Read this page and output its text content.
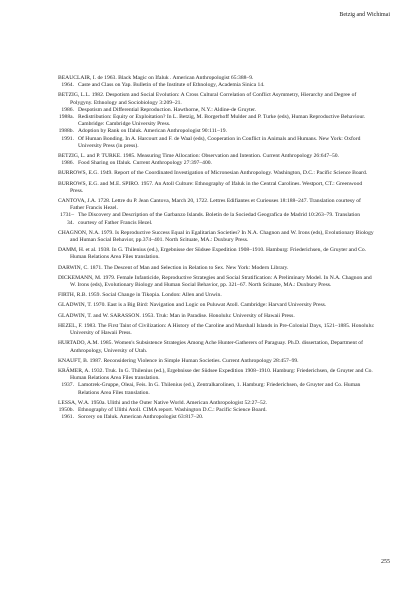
Betzig and Wichimai
BEAUCLAIR, I. de 1963. Black Magic on Ifaluk . American Anthropologist 65:388–9.
1964. Caste and Class on Yap. Bulletin of the Institute of Ethnology, Academia Sinica 14.
BETZIG, L.L. 1982. Despotism and Social Evolution: A Cross Cultural Correlation of Conflict Asymmetry, Hierarchy and Degree of Polygyny. Ethnology and Sociobiology 3:209–21.
1986. Despotism and Differential Reproduction. Hawthorne, N.Y.: Aldine-de Gruyter.
1988a. Redistribution: Equity or Exploitation? In L. Betzig, M. Borgerhoff Mulder and P. Turke (eds), Human Reproductive Behaviour. Cambridge: Cambridge University Press.
1988b. Adoption by Rank on Ifaluk. American Anthropologist 90:111–19.
1991. Of Human Bonding. In A. Harcourt and F. de Waal (eds), Cooperation in Conflict in Animals and Humans. New York: Oxford University Press (in press).
BETZIG, L. and P. TURKE. 1985. Measuring Time Allocation: Observation and Intention. Current Anthropology 26:647–50.
1986. Food Sharing on Ifaluk. Current Anthropology 27:397–400.
BURROWS, E.G. 1949. Report of the Coordinated Investigation of Micronesian Anthropology. Washington, D.C.: Pacific Science Board.
BURROWS, E.G. and M.E. SPIRO. 1957. An Atoll Culture: Ethnography of Ifaluk in the Central Carolines. Westport, CT.: Greenwood Press.
CANTOVA, J.A. 1728. Lettre du P. Jean Cantova, March 20, 1722. Lettres Edifiantes et Curieuses 18:188–247. Translation courtesy of Father Francis Hezel.
1731–34.
The Discovery and Description of the Garbanzo Islands. Boletín de la Sociedad Geografica de Madrid 10:263–79. Translation courtesy of Father Francis Hezel.
CHAGNON, N.A. 1979. Is Reproductive Success Equal in Egalitarian Societies? In N.A. Chagnon and W. Irons (eds), Evolutionary Biology and Human Social Behavior, pp.374–401. North Scituate, MA.: Duxbury Press.
DAMM, H. et al. 1938. In G. Thilenius (ed.), Ergebnisse der Südsee Expedition 1908–1910. Hamburg: Friederichsen, de Gruyter and Co. Human Relations Area Files translation.
DARWIN, C. 1871. The Descent of Man and Selection in Relation to Sex. New York: Modern Library.
DICKEMANN, M. 1979. Female Infanticide, Reproductive Strategies and Social Stratification: A Preliminary Model. In N.A. Chagnon and W. Irons (eds), Evolutionary Biology and Human Social Behavior, pp. 321–67. North Scituate, MA.: Duxbury Press.
FIRTH, R.B. 1959. Social Change in Tikopia. London: Allen and Unwin.
GLADWIN, T. 1970. East is a Big Bird: Navigation and Logic on Puluwat Atoll. Cambridge: Harvard University Press.
GLADWIN, T. and W. SARASSON. 1953. Truk: Man in Paradise. Honolulu: University of Hawaii Press.
HEZEL, F. 1983. The First Taint of Civilization: A History of the Caroline and Marshall Islands in Pre-Colonial Days, 1521–1885. Honolulu: University of Hawaii Press.
HURTADO, A.M. 1985. Women's Subsistence Strategies Among Ache Hunter-Gatherers of Paraguay. Ph.D. dissertation, Department of Anthropology, University of Utah.
KNAUFT, B. 1987. Reconsidering Violence in Simple Human Societies. Current Anthropology 28:457–99.
KRÄMER, A. 1932. Truk. In G. Thilenius (ed.), Ergebnisse der Südsee Expedition 1908–1910. Hamburg: Friederichsen, de Gruyter and Co. Human Relations Area Files translation.
1937. Lamotrek-Gruppe, Oleai, Feis. In G. Thilenius (ed.), Zentralkarolinen, 1. Hamburg: Friederichsen, de Gruyter and Co. Human Relations Area Files translation.
LESSA, W.A. 1950a. Ulithi and the Outer Native World. American Anthropologist 52:27–52.
1950b. Ethnography of Ulithi Atoll. CIMA report. Washington D.C.: Pacific Science Board.
1961. Sorcery on Ifaluk. American Anthropologist 63:817–20.
255
